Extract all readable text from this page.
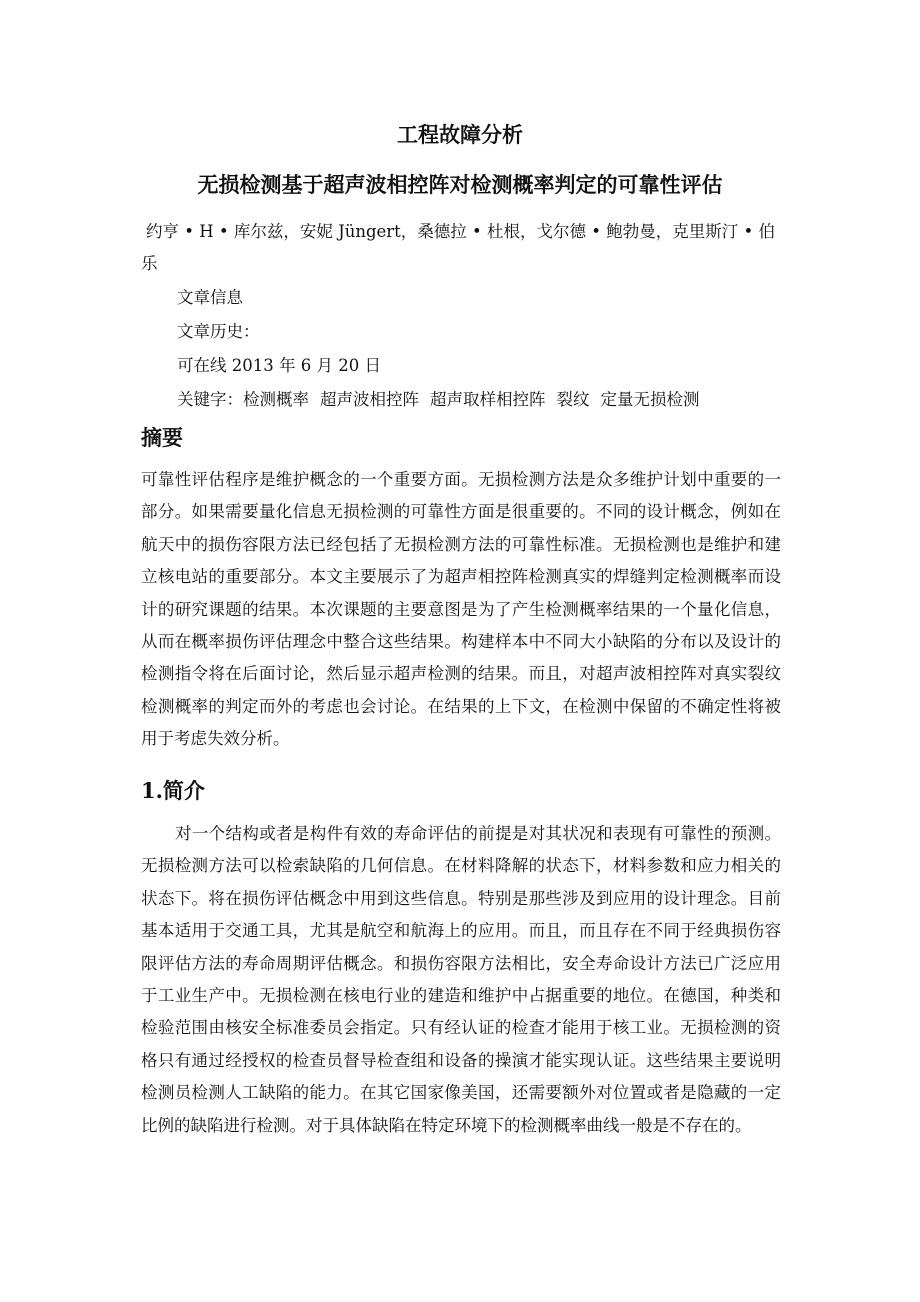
工程故障分析
无损检测基于超声波相控阵对检测概率判定的可靠性评估
约亨 • H • 库尔兹，安妮 Jüngert，桑德拉 • 杜根，戈尔德 • 鲍勃曼，克里斯汀 • 伯乐
文章信息
文章历史：
可在线 2013 年 6 月 20 日
关键字：检测概率 超声波相控阵 超声取样相控阵 裂纹 定量无损检测
摘要

可靠性评估程序是维护概念的一个重要方面。无损检测方法是众多维护计划中重要的一部分。如果需要量化信息无损检测的可靠性方面是很重要的。不同的设计概念，例如在航天中的损伤容限方法已经包括了无损检测方法的可靠性标准。无损检测也是维护和建立核电站的重要部分。本文主要展示了为超声相控阵检测真实的焊缝判定检测概率而设计的研究课题的结果。本次课题的主要意图是为了产生检测概率结果的一个量化信息，从而在概率损伤评估理念中整合这些结果。构建样本中不同大小缺陷的分布以及设计的检测指令将在后面讨论，然后显示超声检测的结果。而且，对超声波相控阵对真实裂纹检测概率的判定而外的考虑也会讨论。在结果的上下文，在检测中保留的不确定性将被用于考虑失效分析。

1.简介

对一个结构或者是构件有效的寿命评估的前提是对其状况和表现有可靠性的预测。无损检测方法可以检索缺陷的几何信息。在材料降解的状态下，材料参数和应力相关的状态下。将在损伤评估概念中用到这些信息。特别是那些涉及到应用的设计理念。目前基本适用于交通工具，尤其是航空和航海上的应用。而且，而且存在不同于经典损伤容限评估方法的寿命周期评估概念。和损伤容限方法相比，安全寿命设计方法已广泛应用于工业生产中。无损检测在核电行业的建造和维护中占据重要的地位。在德国，种类和检验范围由核安全标准委员会指定。只有经认证的检查才能用于核工业。无损检测的资格只有通过经授权的检查员督导检查组和设备的操演才能实现认证。这些结果主要说明检测员检测人工缺陷的能力。在其它国家像美国，还需要额外对位置或者是隐藏的一定比例的缺陷进行检测。对于具体缺陷在特定环境下的检测概率曲线一般是不存在的。
